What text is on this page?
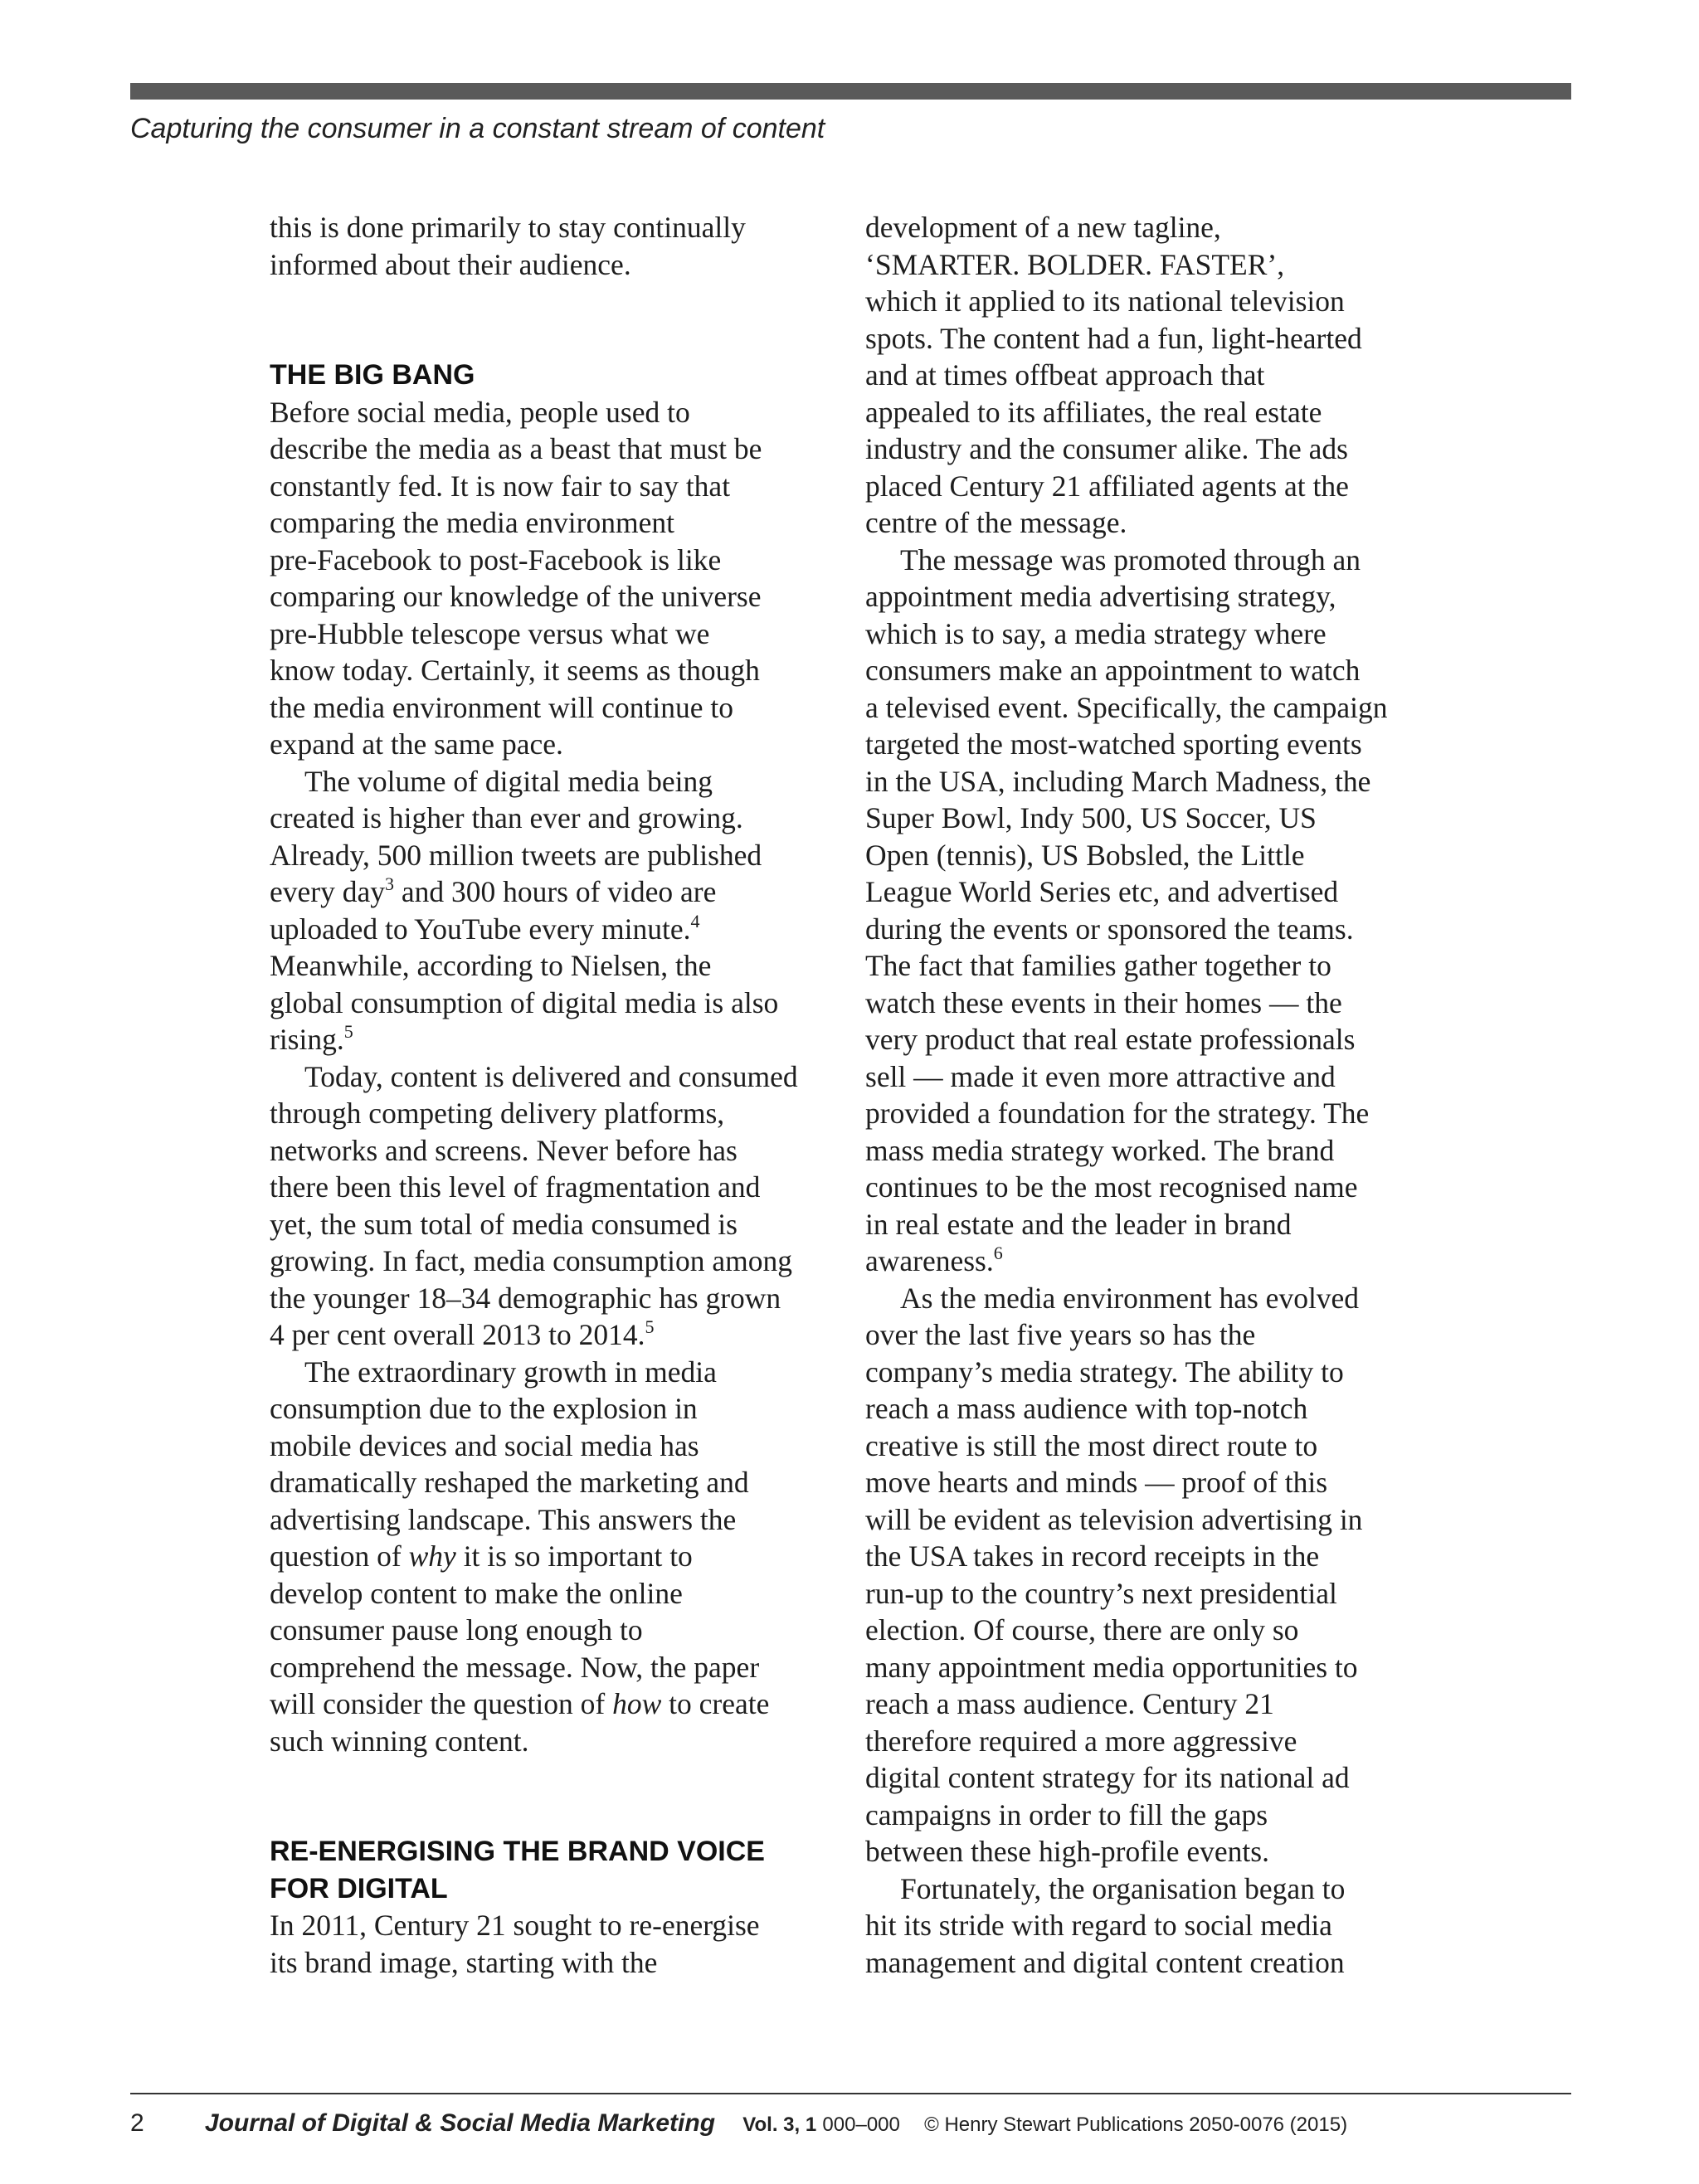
Capturing the consumer in a constant stream of content

this is done primarily to stay continually
informed about their audience.

THE BIG BANG

Before social media, people used to
describe the media as a beast that must be
constantly fed. It is now fair to say that
comparing the media environment
pre-Facebook to post-Facebook is like
comparing our knowledge of the universe
pre-Hubble telescope versus what we
know today. Certainly, it seems as though
the media environment will continue to
expand at the same pace.

The volume of digital media being
created is higher than ever and growing.
Already, 500 million tweets are published
every day$^3$ and 300 hours of video are
uploaded to YouTube every minute.$^4$
Meanwhile, according to Nielsen, the
global consumption of digital media is also
rising.$^5$

Today, content is delivered and consumed
through competing delivery platforms,
networks and screens. Never before has
there been this level of fragmentation and
yet, the sum total of media consumed is
growing. In fact, media consumption among
the younger 18–34 demographic has grown
4 per cent overall 2013 to 2014.$^5$

The extraordinary growth in media
consumption due to the explosion in
mobile devices and social media has
dramatically reshaped the marketing and
advertising landscape. This answers the
question of why it is so important to
develop content to make the online
consumer pause long enough to
comprehend the message. Now, the paper
will consider the question of how to create
such winning content.

RE-ENERGISING THE BRAND VOICE
FOR DIGITAL

In 2011, Century 21 sought to re-energise
its brand image, starting with the

development of a new tagline,
‘SMARTER. BOLDER. FASTER’,
which it applied to its national television
spots. The content had a fun, light-hearted
and at times offbeat approach that
appealed to its affiliates, the real estate
industry and the consumer alike. The ads
placed Century 21 affiliated agents at the
centre of the message.

The message was promoted through an
appointment media advertising strategy,
which is to say, a media strategy where
consumers make an appointment to watch
a televised event. Specifically, the campaign
targeted the most-watched sporting events
in the USA, including March Madness, the
Super Bowl, Indy 500, US Soccer, US
Open (tennis), US Bobsled, the Little
League World Series etc, and advertised
during the events or sponsored the teams.
The fact that families gather together to
watch these events in their homes — the
very product that real estate professionals
sell — made it even more attractive and
provided a foundation for the strategy. The
mass media strategy worked. The brand
continues to be the most recognised name
in real estate and the leader in brand
awareness.$^6$

As the media environment has evolved
over the last five years so has the
company’s media strategy. The ability to
reach a mass audience with top-notch
creative is still the most direct route to
move hearts and minds — proof of this
will be evident as television advertising in
the USA takes in record receipts in the
run-up to the country’s next presidential
election. Of course, there are only so
many appointment media opportunities to
reach a mass audience. Century 21
therefore required a more aggressive
digital content strategy for its national ad
campaigns in order to fill the gaps
between these high-profile events.

Fortunately, the organisation began to
hit its stride with regard to social media
management and digital content creation

2 Journal of Digital & Social Media Marketing Vol. 3, 1 000–000 © Henry Stewart Publications 2050-0076 (2015)
